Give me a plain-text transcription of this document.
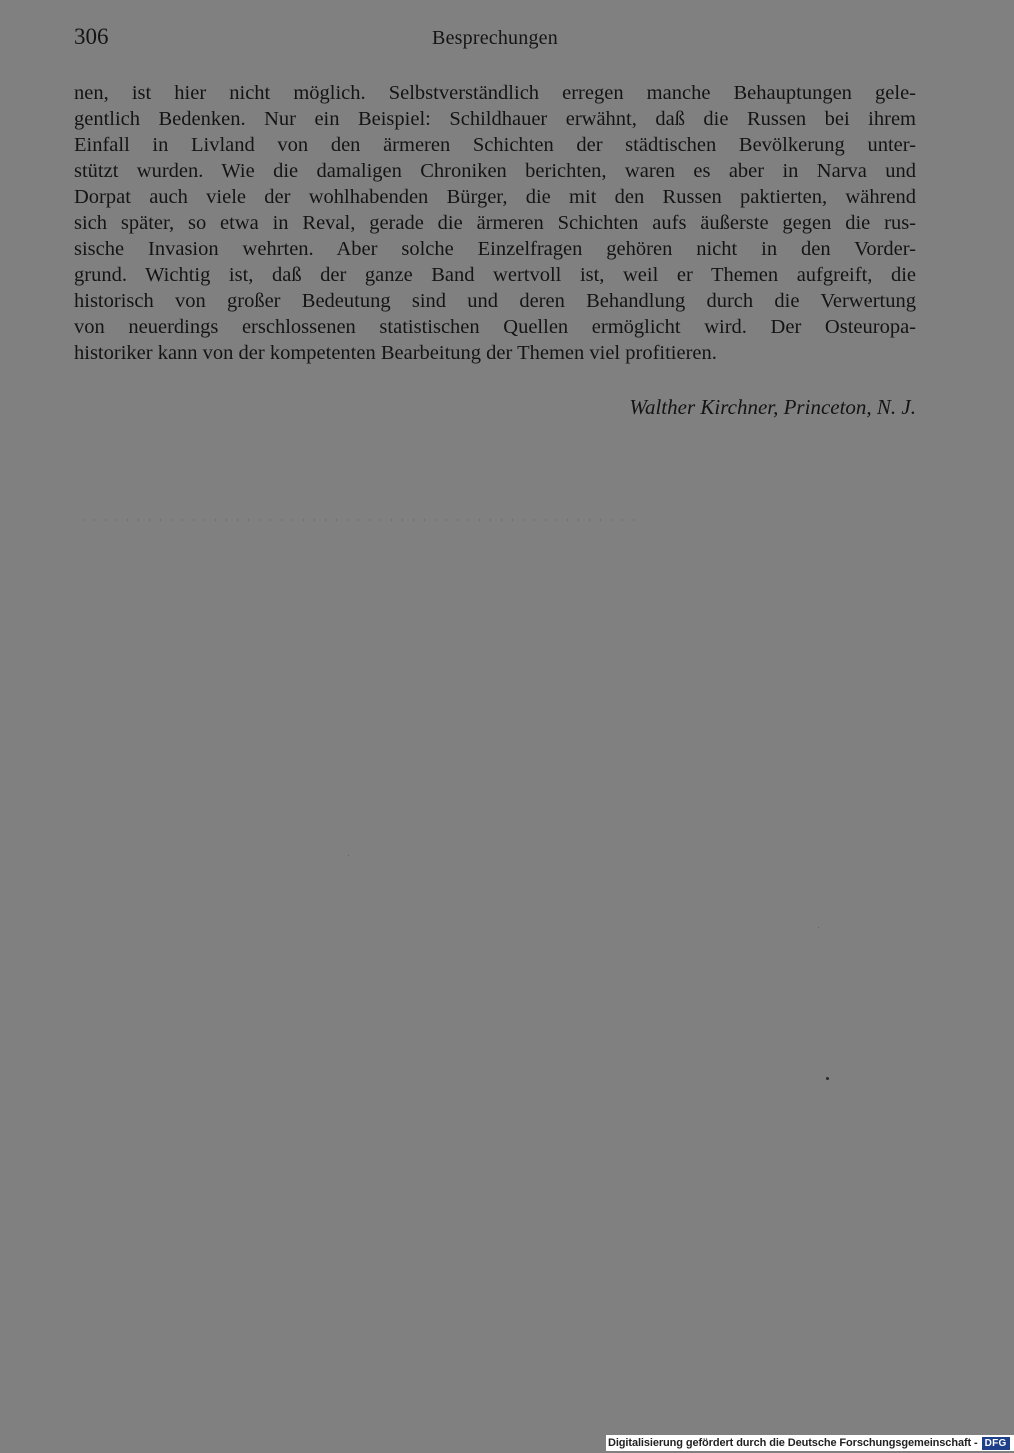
306	Besprechungen
nen, ist hier nicht möglich. Selbstverständlich erregen manche Behauptungen gele-
gentlich Bedenken. Nur ein Beispiel: Schildhauer erwähnt, daß die Russen bei ihrem
Einfall in Livland von den ärmeren Schichten der städtischen Bevölkerung unter-
stützt wurden. Wie die damaligen Chroniken berichten, waren es aber in Narva und
Dorpat auch viele der wohlhabenden Bürger, die mit den Russen paktierten, während
sich später, so etwa in Reval, gerade die ärmeren Schichten aufs äußerste gegen die rus-
sische Invasion wehrten. Aber solche Einzelfragen gehören nicht in den Vorder-
grund. Wichtig ist, daß der ganze Band wertvoll ist, weil er Themen aufgreift, die
historisch von großer Bedeutung sind und deren Behandlung durch die Verwertung
von neuerdings erschlossenen statistischen Quellen ermöglicht wird. Der Osteuropa-
historiker kann von der kompetenten Bearbeitung der Themen viel profitieren.
Walther Kirchner, Princeton, N. J.
Digitalisierung gefördert durch die Deutsche Forschungsgemeinschaft - DFG
